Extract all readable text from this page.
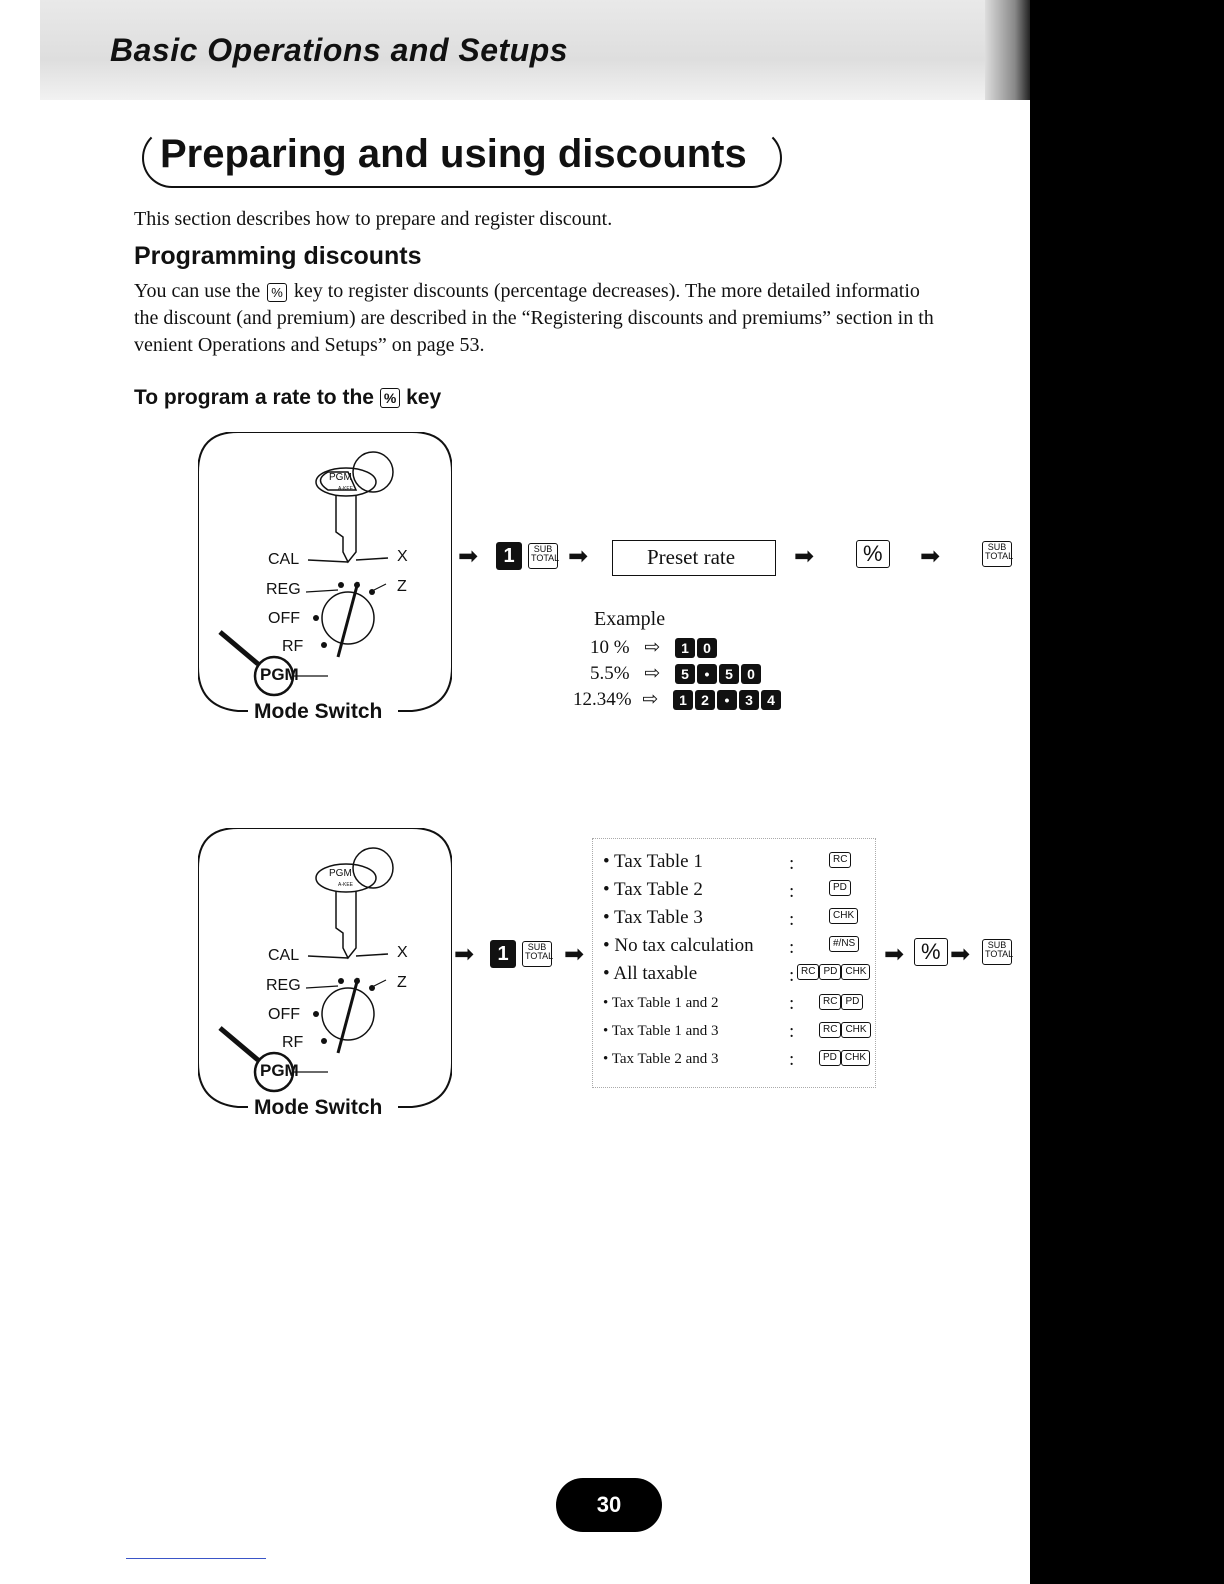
Basic Operations and Setups
Preparing and using discounts
This section describes how to prepare and register discount.
Programming discounts
You can use the % key to register discounts (percentage decreases). The more detailed informatio
the discount (and premium) are described in the “Registering discounts and premiums” section in th
venient Operations and Setups” on page 53.
To program a rate to the % key
CAL
REG
OFF
RF
X
Z
PGM
A-KEE
PGM
Mode Switch
➡	1	SUB
TOTAL ➡	Preset rate ➡	% ➡	SUB
TOTAL
Example
10 % ⇨ 1 0
5.5% ⇨ 5 • 5 0
12.34% ⇨ 1 2 • 3 4
CAL
REG
OFF
RF
X
Z
PGM
A-KEE
PGM
Mode Switch
➡	1	SUB
TOTAL ➡
• Tax Table 1	:	RC
• Tax Table 2	:	PD
• Tax Table 3	:	CHK
• No tax calculation :	#/NS
• All taxable	: RC PD CHK
• Tax Table 1 and 2	:	RC PD
• Tax Table 1 and 3	:	RC CHK
• Tax Table 2 and 3	:	PD CHK
➡ % ➡	SUB
TOTAL
30
